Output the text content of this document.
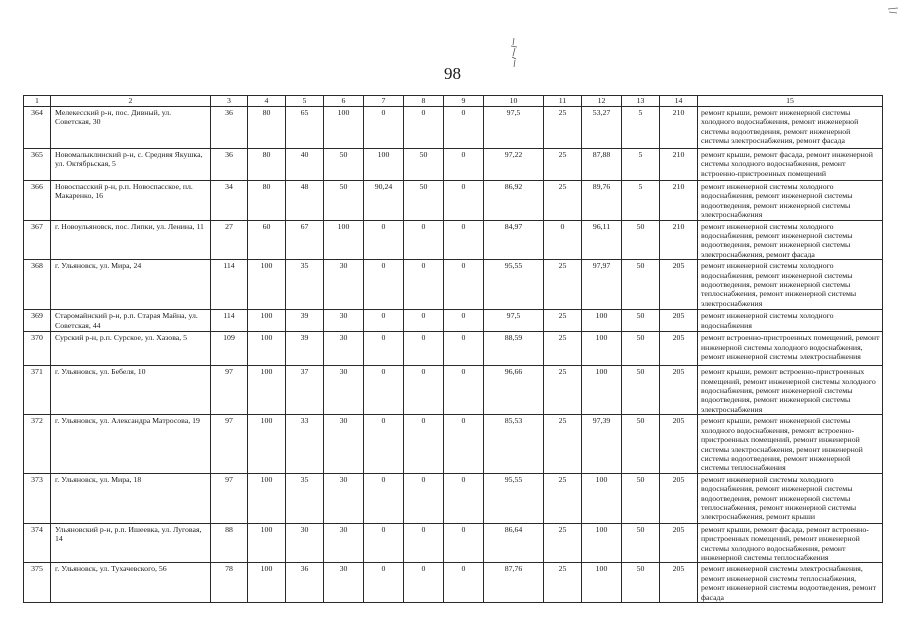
98
1	2	3	4	5	6	7	8	9	10	11	12	13	14	15
364	Мелекесский р-н, пос. Дивный, ул. Советская, 30	36	80	65	100	0	0	0	97,5	25	53,27	5	210	ремонт крыши, ремонт инженерной системы холодного водоснабжения, ремонт инженерной системы водоотведения, ремонт инженерной системы электроснабжения, ремонт фасада
365	Новомалыклинский р-н, с. Средняя Якушка, ул. Октябрьская, 5	36	80	40	50	100	50	0	97,22	25	87,88	5	210	ремонт крыши, ремонт фасада, ремонт инженерной системы холодного водоснабжения, ремонт встроенно-пристроенных помещений
366	Новоспасский р-н, р.п. Новоспасское, пл. Макаренко, 16	34	80	48	50	90,24	50	0	86,92	25	89,76	5	210	ремонт инженерной системы холодного водоснабжения, ремонт инженерной системы водоотведения, ремонт инженерной системы электроснабжения
367	г. Новоульяновск, пос. Липки, ул. Ленина, 11	27	60	67	100	0	0	0	84,97	0	96,11	50	210	ремонт инженерной системы холодного водоснабжения, ремонт инженерной системы водоотведения, ремонт инженерной системы электроснабжения, ремонт фасада
368	г. Ульяновск, ул. Мира, 24	114	100	35	30	0	0	0	95,55	25	97,97	50	205	ремонт инженерной системы холодного водоснабжения, ремонт инженерной системы водоотведения, ремонт инженерной системы теплоснабжения, ремонт инженерной системы электроснабжения
369	Старомайнский р-н, р.п. Старая Майна, ул. Советская, 44	114	100	39	30	0	0	0	97,5	25	100	50	205	ремонт инженерной системы холодного водоснабжения
370	Сурский р-н, р.п. Сурское, ул. Хазова, 5	109	100	39	30	0	0	0	88,59	25	100	50	205	ремонт встроенно-пристроенных помещений, ремонт инженерной системы холодного водоснабжения, ремонт инженерной системы электроснабжения
371	г. Ульяновск, ул. Бебеля, 10	97	100	37	30	0	0	0	96,66	25	100	50	205	ремонт крыши, ремонт встроенно-пристроенных помещений, ремонт инженерной системы холодного водоснабжения, ремонт инженерной системы водоотведения, ремонт инженерной системы электроснабжения
372	г. Ульяновск, ул. Александра Матросова, 19	97	100	33	30	0	0	0	85,53	25	97,39	50	205	ремонт крыши, ремонт инженерной системы холодного водоснабжения, ремонт встроенно-пристроенных помещений, ремонт инженерной системы электроснабжения, ремонт инженерной системы водоотведения, ремонт инженерной системы теплоснабжения
373	г. Ульяновск, ул. Мира, 18	97	100	35	30	0	0	0	95,55	25	100	50	205	ремонт инженерной системы холодного водоснабжения, ремонт инженерной системы водоотведения, ремонт инженерной системы теплоснабжения, ремонт инженерной системы электроснабжения, ремонт крыши
374	Ульяновский р-н, р.п. Ишеевка, ул. Луговая, 14	88	100	30	30	0	0	0	86,64	25	100	50	205	ремонт крыши, ремонт фасада, ремонт встроенно-пристроенных помещений, ремонт инженерной системы холодного водоснабжения, ремонт инженерной системы теплоснабжения
375	г. Ульяновск, ул. Тухачевского, 56	78	100	36	30	0	0	0	87,76	25	100	50	205	ремонт инженерной системы электроснабжения, ремонт инженерной системы теплоснабжения, ремонт инженерной системы водоотведения, ремонт фасада
